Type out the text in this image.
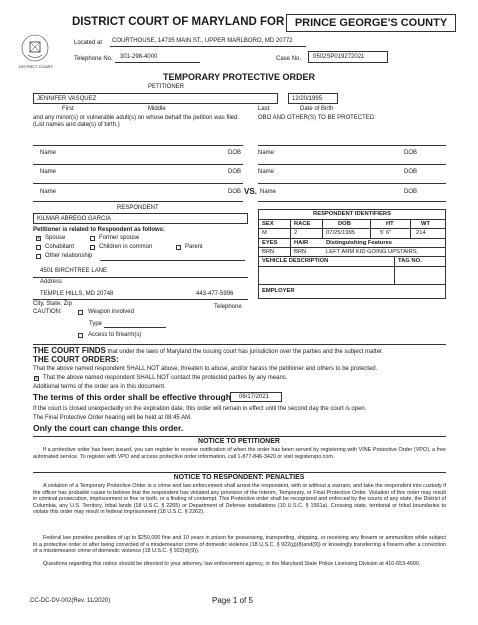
DISTRICT COURT
DISTRICT COURT OF MARYLAND FOR PRINCE GEORGE'S COUNTY
Located at COURTHOUSE, 14735 MAIN ST., UPPER MARLBORO, MD 20772
Telephone No. 301-298-4000	Case No.	0502SP019272021
TEMPORARY PROTECTIVE ORDER
PETITIONER
JENNIFER VASQUEZ	12/20/1995
First	Middle	Last	Date of Birth
and any minor(s) or vulnerable adult(s) on whose behalf the petition was filed. (List names and date(s) of birth.)
OBO AND OTHER(S) TO BE PROTECTED:
Name	DOB	Name	DOB
Name	DOB	Name	DOB
Name	DOB VS. Name	DOB
RESPONDENT
KILMAR ABREGO GARCIA
Petitioner is related to Respondent as follows:
× Spouse	Former spouse
Cohabitant	Children in common	Parent
Other relationship
4501 BIRCHTREE LANE
Address
TEMPLE HILLS, MD 20748	443-477-5996
City, State, Zip	Telephone
CAUTION:	Weapon involved
Type
Access to firearm(s)
RESPONDENT IDENTIFIERS
SEX	RACE	DOB	HT	WT
M	2	07/25/1995	5' 6"	214
EYES	HAIR	Distinguishing Features
BRN	BRN	LEFT ARM KID GOING UPSTAIRS,
VEHICLE DESCRIPTION	TAG NO.
EMPLOYER
THE COURT FINDS that under the laws of Maryland the issuing court has jurisdiction over the parties and the subject matter.
THE COURT ORDERS:
That the above named respondent SHALL NOT abuse, threaten to abuse, and/or harass the petitioner and others to be protected.
× That the above named respondent SHALL NOT contact the protected parties by any means.
Additional terms of the order are in this document.
The terms of this order shall be effective through	06/17/2021
If the court is closed unexpectedly on the expiration date, this order will remain in effect until the second day the court is open.
The Final Protective Order hearing will be held at 08:45 AM.
Only the court can change this order.
NOTICE TO PETITIONER
If a protective order has been issued, you can register to receive notification of when the order has been served by registering with VINE Protective Order (VPO), a free automated service. To register with VPO and access protective order information, call 1-877-846-3420 or visit registervpo.com.
NOTICE TO RESPONDENT: PENALTIES
A violation of a Temporary Protective Order is a crime and law enforcement shall arrest the respondent, with or without a warrant, and take the respondent into custody if the officer has probable cause to believe that the respondent has violated any provision of the Interim, Temporary, or Final Protective Order. Violation of this order may result in criminal prosecution, imprisonment or fine or both, or a finding of contempt. This Protective order shall be recognized and enforced by the courts of any state, the District of Columbia, any U.S. Territory, tribal lands (18 U.S.C. § 2265) or Department of Defense installations (10 U.S.C. § 1561a). Crossing state, territorial or tribal boundaries to violate this order may result in federal imprisonment (18 U.S.C. § 2262).
Federal law provides penalties of up to $250,000 fine and 10 years in prison for possessing, transporting, shipping, or receiving any firearm or ammunition while subject to a protective order or after being convicted of a misdemeanor crime of domestic violence (18 U.S.C. § 922(g)(8)and(9)) or knowingly transferring a firearm after a conviction of a misdemeanor crime of domestic violence (18 U.S.C. § 922(d)(9)).
Questions regarding this notice should be directed to your attorney, law enforcement agency, or the Maryland State Police Licensing Division at 410-653-4500.
CC-DC-DV-002(Rev. 11/2020)	Page 1 of 5
